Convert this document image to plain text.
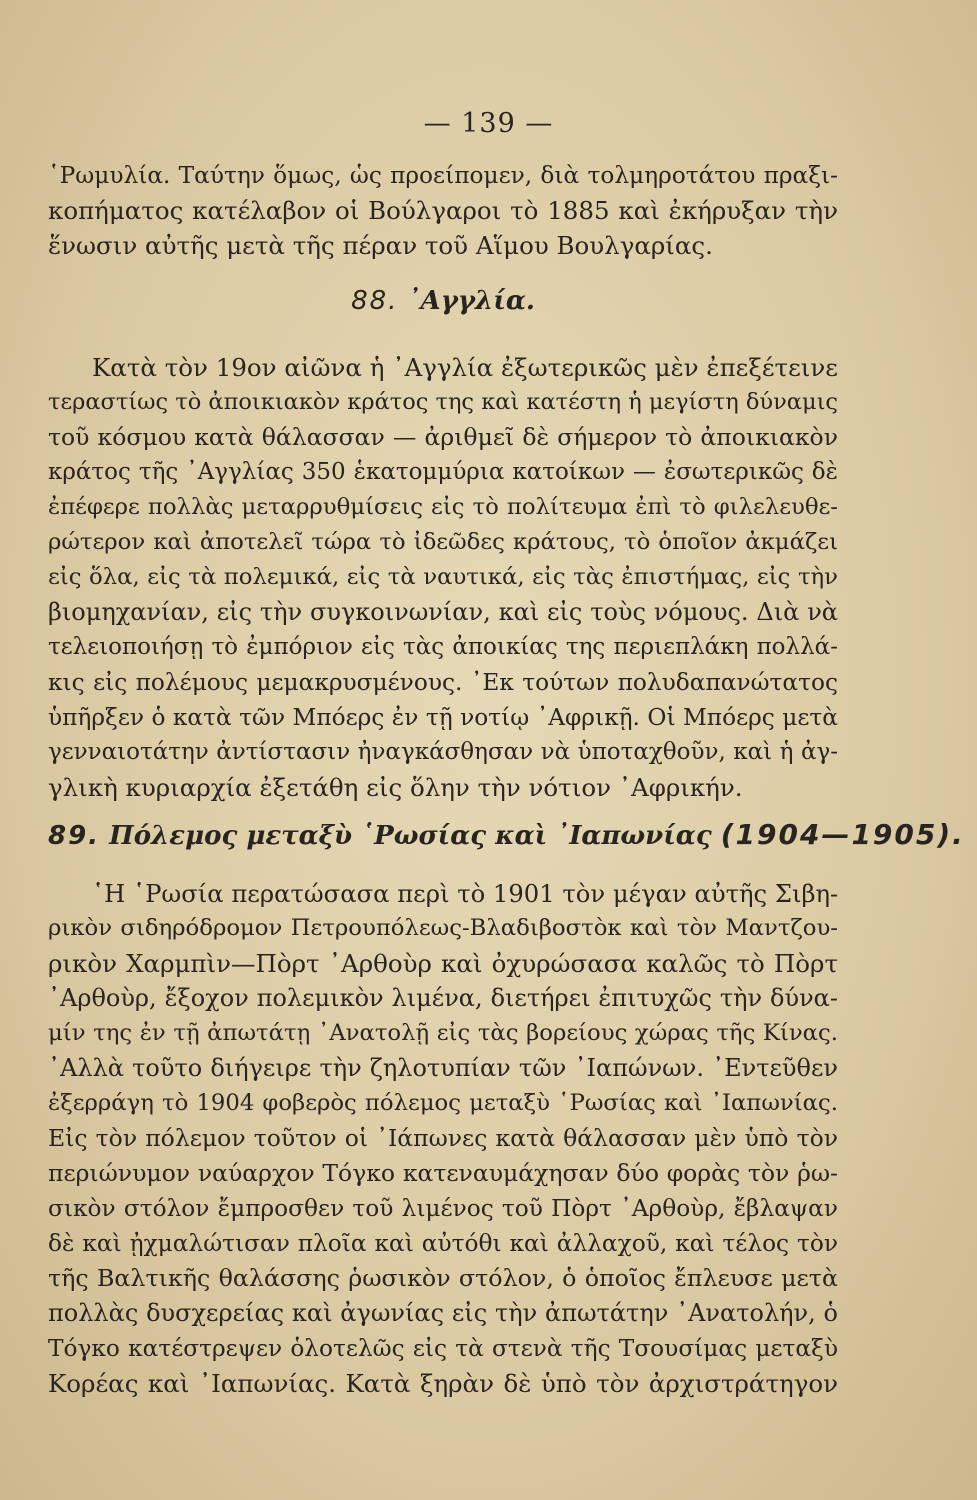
— 139 —
῾Ρωμυλία. Ταύτην ὅμως, ὡς προείπομεν, διὰ τολμηροτάτου πραξι-
κοπήματος κατέλαβον οἱ Βούλγαροι τὸ 1885 καὶ ἐκήρυξαν τὴν
ἕνωσιν αὐτῆς μετὰ τῆς πέραν τοῦ Αἵμου Βουλγαρίας.
88. ᾿Αγγλία.
Κατὰ τὸν 19ον αἰῶνα ἡ ᾿Αγγλία ἐξωτερικῶς μὲν ἐπεξέτεινε
τεραστίως τὸ ἀποικιακὸν κράτος της καὶ κατέστη ἡ μεγίστη δύναμις
τοῦ κόσμου κατὰ θάλασσαν — ἀριθμεῖ δὲ σήμερον τὸ ἀποικιακὸν
κράτος τῆς ᾿Αγγλίας 350 ἑκατομμύρια κατοίκων — ἐσωτερικῶς δὲ
ἐπέφερε πολλὰς μεταρρυθμίσεις εἰς τὸ πολίτευμα ἐπὶ τὸ φιλελευθε-
ρώτερον καὶ ἀποτελεῖ τώρα τὸ ἰδεῶδες κράτους, τὸ ὁποῖον ἀκμάζει
εἰς ὅλα, εἰς τὰ πολεμικά, εἰς τὰ ναυτικά, εἰς τὰς ἐπιστήμας, εἰς τὴν
βιομηχανίαν, εἰς τὴν συγκοινωνίαν, καὶ εἰς τοὺς νόμους. Διὰ νὰ
τελειοποιήσῃ τὸ ἐμπόριον εἰς τὰς ἀποικίας της περιεπλάκη πολλά-
κις εἰς πολέμους μεμακρυσμένους. ᾿Εκ τούτων πολυδαπανώτατος
ὑπῆρξεν ὁ κατὰ τῶν Μπόερς ἐν τῇ νοτίῳ ᾿Αφρικῇ. Οἱ Μπόερς μετὰ
γενναιοτάτην ἀντίστασιν ἠναγκάσθησαν νὰ ὑποταχθοῦν, καὶ ἡ ἀγ-
γλικὴ κυριαρχία ἐξετάθη εἰς ὅλην τὴν νότιον ᾿Αφρικήν.
89. Πόλεμος μεταξὺ ῾Ρωσίας καὶ ᾿Ιαπωνίας (1904—1905).
῾Η ῾Ρωσία περατώσασα περὶ τὸ 1901 τὸν μέγαν αὐτῆς Σιβη-
ρικὸν σιδηρόδρομον Πετρουπόλεως-Βλαδιβοστὸκ καὶ τὸν Μαντζου-
ρικὸν Χαρμπὶν—Πὸρτ ᾿Αρθοὺρ καὶ ὀχυρώσασα καλῶς τὸ Πὸρτ
᾿Αρθοὺρ, ἔξοχον πολεμικὸν λιμένα, διετήρει ἐπιτυχῶς τὴν δύνα-
μίν της ἐν τῇ ἀπωτάτῃ ᾿Ανατολῇ εἰς τὰς βορείους χώρας τῆς Κίνας.
᾿Αλλὰ τοῦτο διήγειρε τὴν ζηλοτυπίαν τῶν ᾿Ιαπώνων. ᾿Εντεῦθεν
ἐξερράγη τὸ 1904 φοβερὸς πόλεμος μεταξὺ ῾Ρωσίας καὶ ᾿Ιαπωνίας.
Εἰς τὸν πόλεμον τοῦτον οἱ ᾿Ιάπωνες κατὰ θάλασσαν μὲν ὑπὸ τὸν
περιώνυμον ναύαρχον Τόγκο κατεναυμάχησαν δύο φορὰς τὸν ῥω-
σικὸν στόλον ἔμπροσθεν τοῦ λιμένος τοῦ Πὸρτ ᾿Αρθοὺρ, ἔβλαψαν
δὲ καὶ ᾐχμαλώτισαν πλοῖα καὶ αὐτόθι καὶ ἀλλαχοῦ, καὶ τέλος τὸν
τῆς Βαλτικῆς θαλάσσης ῥωσικὸν στόλον, ὁ ὁποῖος ἔπλευσε μετὰ
πολλὰς δυσχερείας καὶ ἀγωνίας εἰς τὴν ἀπωτάτην ᾿Ανατολήν, ὁ
Τόγκο κατέστρεψεν ὁλοτελῶς εἰς τὰ στενὰ τῆς Τσουσίμας μεταξὺ
Κορέας καὶ ᾿Ιαπωνίας. Κατὰ ξηρὰν δὲ ὑπὸ τὸν ἀρχιστράτηγον
